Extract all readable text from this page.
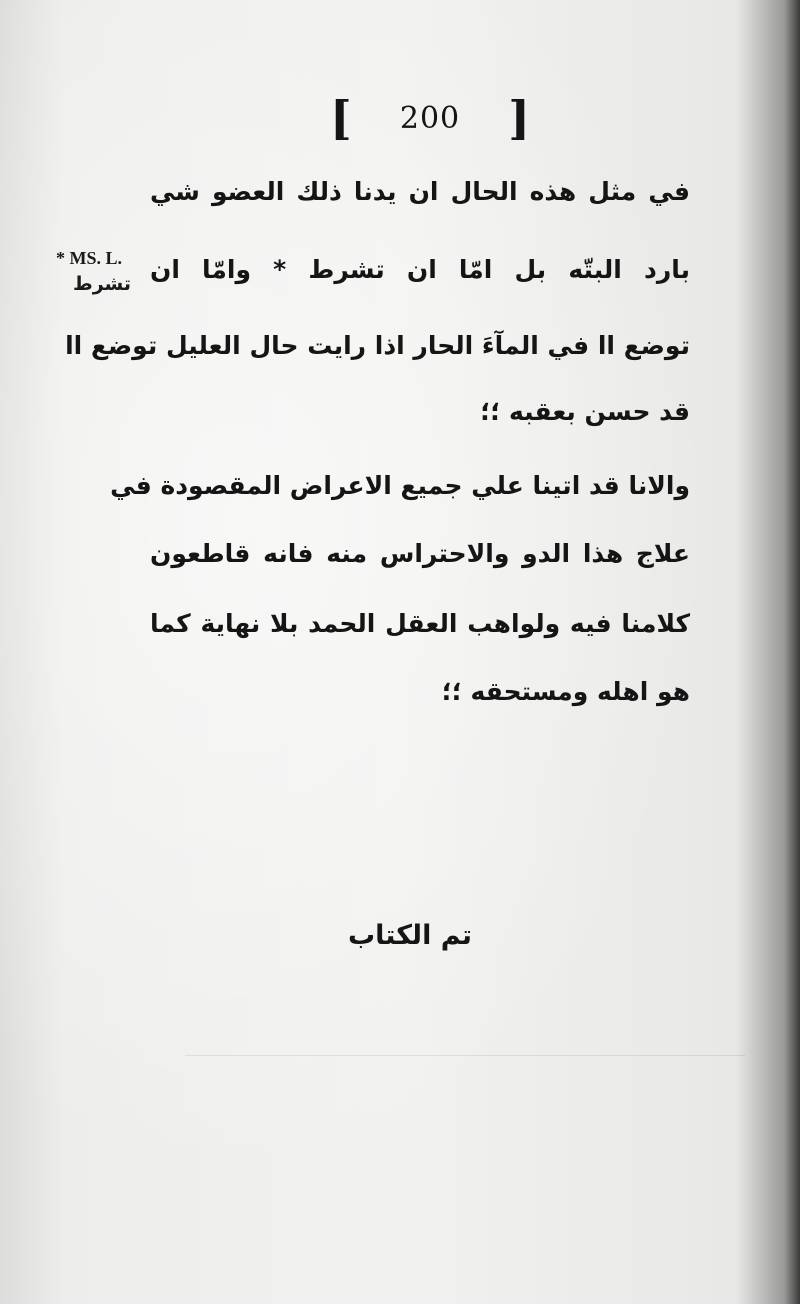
[ 200 ]
* MS. L.
تشرط
في مثل هذه الحال ان يدنا ذلك العضو شي
بارد البتّه بل امّا ان تشرط * وامّا ان
توضع اا في المآءَ الحار اذا رايت حال العليل توضع اا
قد حسن بعقبه ؛؛
والانا قد اتينا علي جميع الاعراض المقصودة في
علاج هذا الدو والاحتراس منه فانه قاطعون
كلامنا فيه ولواهب العقل الحمد بلا نهاية كما
هو اهله ومستحقه ؛؛
تم الكتاب
